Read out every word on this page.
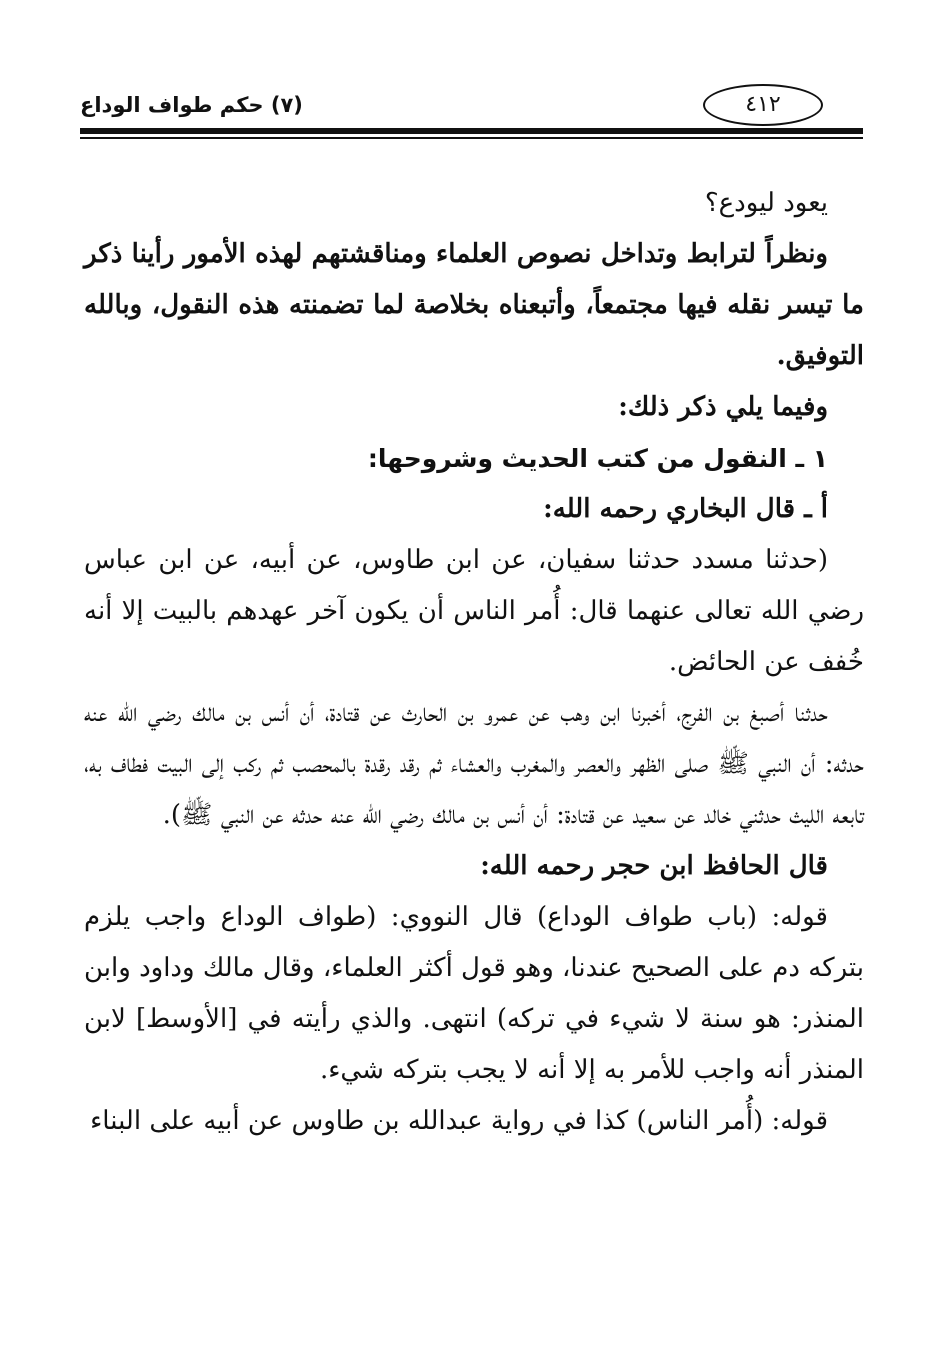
(٧) حكم طواف الوداع	٤١٢

يعود ليودع؟

ونظراً لترابط وتداخل نصوص العلماء ومناقشتهم لهذه الأمور رأينا ذكر ما تيسر نقله فيها مجتمعاً، وأتبعناه بخلاصة لما تضمنته هذه النقول، وبالله التوفيق.

وفيما يلي ذكر ذلك:

١ ـ النقول من كتب الحديث وشروحها:

أ ـ قال البخاري رحمه الله:

(حدثنا مسدد حدثنا سفيان، عن ابن طاوس، عن أبيه، عن ابن عباس رضي الله تعالى عنهما قال: أُمر الناس أن يكون آخر عهدهم بالبيت إلا أنه خُفف عن الحائض.

حدثنا أصبغ بن الفرج، أخبرنا ابن وهب عن عمرو بن الحارث عن قتادة، أن أنس بن مالك رضي الله عنه حدثه: أن النبي ﷺ صلى الظهر والعصر والمغرب والعشاء ثم رقد رقدة بالمحصب ثم ركب إلى البيت فطاف به، تابعه الليث حدثني خالد عن سعيد عن قتادة: أن أنس بن مالك رضي الله عنه حدثه عن النبي ﷺ).

قال الحافظ ابن حجر رحمه الله:

قوله: (باب طواف الوداع) قال النووي: (طواف الوداع واجب يلزم بتركه دم على الصحيح عندنا، وهو قول أكثر العلماء، وقال مالك وداود وابن المنذر: هو سنة لا شيء في تركه) انتهى. والذي رأيته في [الأوسط] لابن المنذر أنه واجب للأمر به إلا أنه لا يجب بتركه شيء.

قوله: (أُمر الناس) كذا في رواية عبدالله بن طاوس عن أبيه على البناء
